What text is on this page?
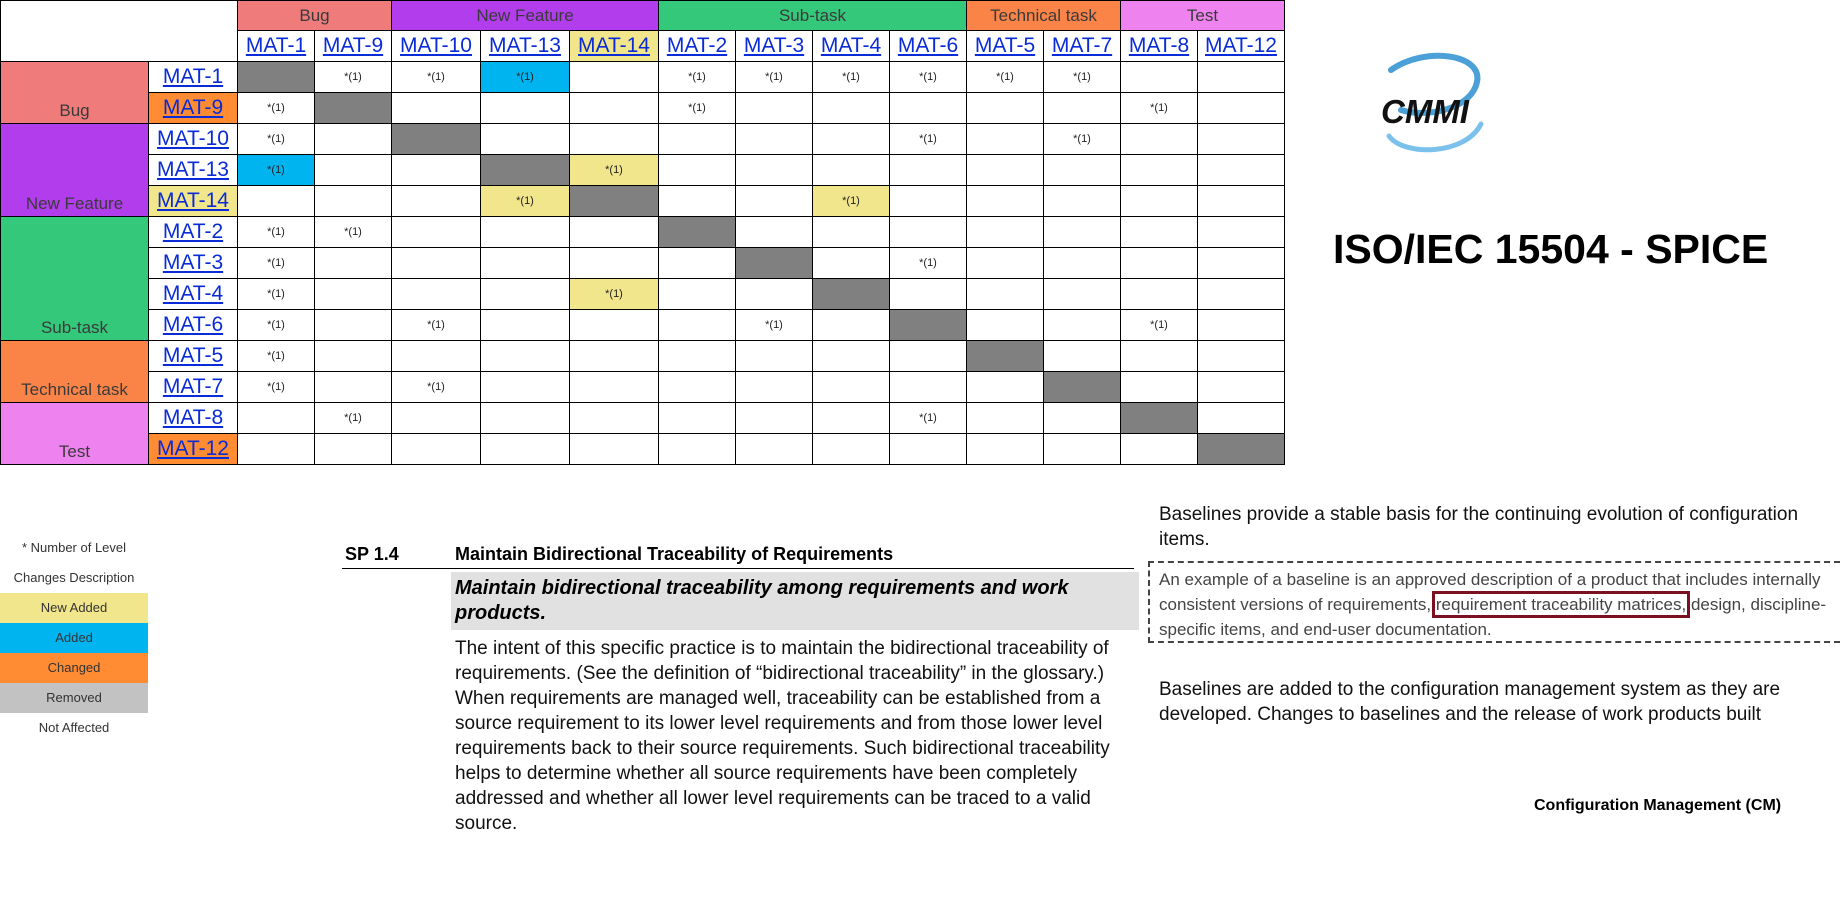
		Bug		New Feature			Sub-task				Technical task		Test	
		MAT-1	MAT-9	MAT-10	MAT-13	MAT-14	MAT-2	MAT-3	MAT-4	MAT-6	MAT-5	MAT-7	MAT-8	MAT-12
Bug	MAT-1		*(1)	*(1)	*(1)		*(1)	*(1)	*(1)	*(1)	*(1)	*(1)		
	MAT-9	*(1)					*(1)						*(1)	
New Feature	MAT-10	*(1)								*(1)		*(1)		
	MAT-13	*(1)				*(1)								
	MAT-14				*(1)				*(1)					
Sub-task	MAT-2	*(1)	*(1)											
	MAT-3	*(1)								*(1)				
	MAT-4	*(1)				*(1)								
	MAT-6	*(1)		*(1)				*(1)					*(1)	
Technical task	MAT-5	*(1)												
	MAT-7	*(1)		*(1)										
Test	MAT-8		*(1)							*(1)				
	MAT-12													
* Number of Level
Changes Description
New Added
Added
Changed
Removed
Not Affected
CMMI
ISO/IEC 15504 - SPICE
SP 1.4	Maintain Bidirectional Traceability of Requirements
Maintain bidirectional traceability among requirements and work products.
The intent of this specific practice is to maintain the bidirectional traceability of requirements. (See the definition of “bidirectional traceability” in the glossary.) When requirements are managed well, traceability can be established from a source requirement to its lower level requirements and from those lower level requirements back to their source requirements. Such bidirectional traceability helps to determine whether all source requirements have been completely addressed and whether all lower level requirements can be traced to a valid source.
Baselines provide a stable basis for the continuing evolution of configuration items.
An example of a baseline is an approved description of a product that includes internally consistent versions of requirements, requirement traceability matrices, design, discipline-specific items, and end-user documentation.
Baselines are added to the configuration management system as they are developed. Changes to baselines and the release of work products built
Configuration Management (CM)
